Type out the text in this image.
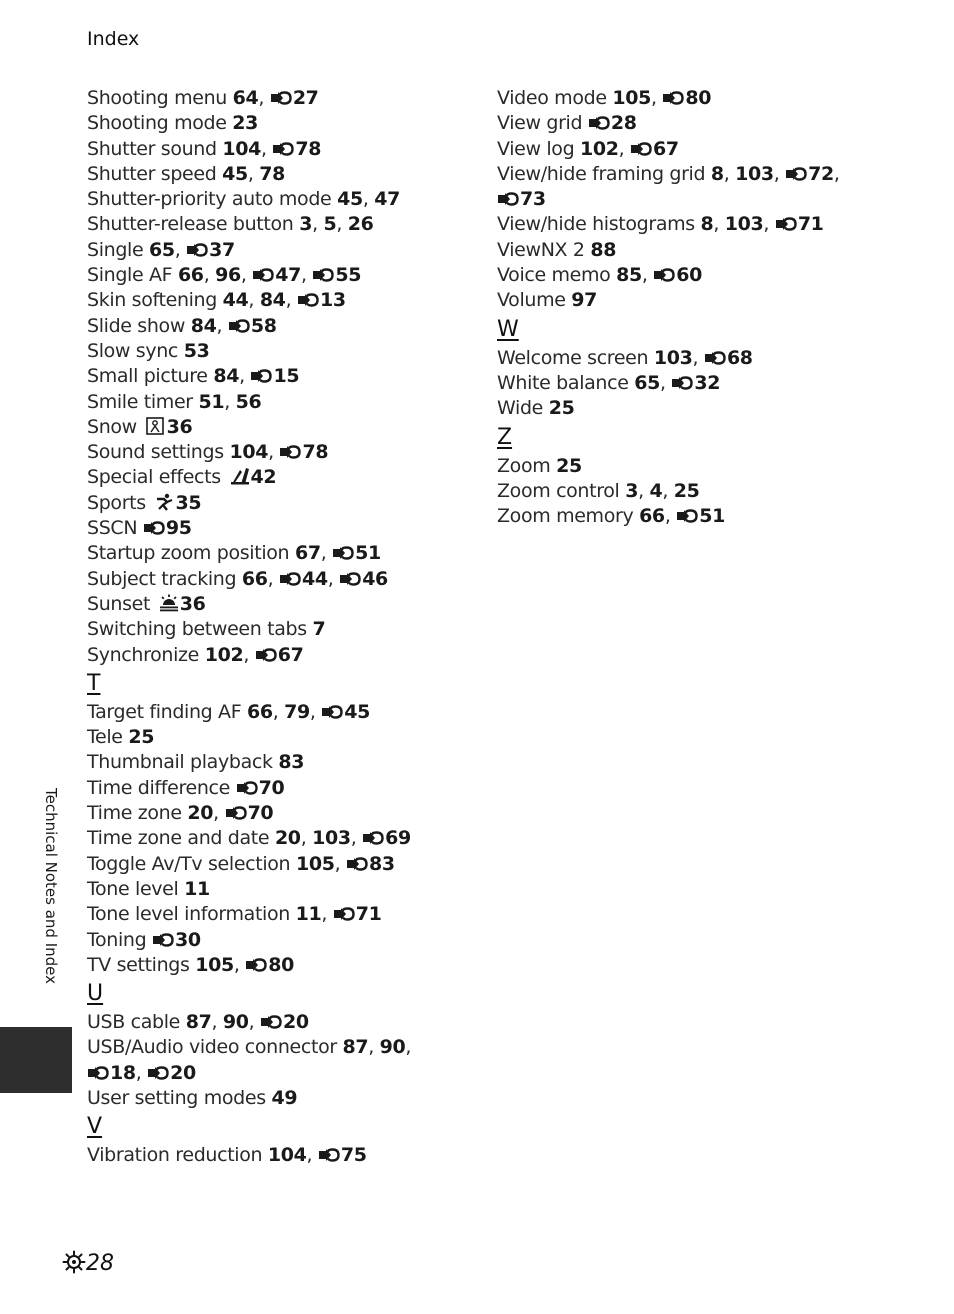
Index
Shooting menu 64,
27
Shooting mode 23
Shutter sound 104,
78
Shutter speed 45, 78
Shutter-priority auto mode 45, 47
Shutter-release button 3, 5, 26
Single 65,
37
Single AF 66, 96,
47,
55
Skin softening 44, 84,
13
Slide show 84,
58
Slow sync 53
Small picture 84,
15
Smile timer 51, 56
Snow 36
Sound settings 104,
78
Special effects 42
Sports 35
SSCN 95
Startup zoom position 67,
51
Subject tracking 66,
44,
46
Sunset 36
Switching between tabs 7
Synchronize 102,
67
T
Target finding AF 66, 79,
45
Tele 25
Thumbnail playback 83
Time difference 70
Time zone 20,
70
Time zone and date 20, 103,
69
Toggle Av/Tv selection 105,
83
Tone level 11
Tone level information 11,
71
Toning 30
TV settings 105,
80
U
USB cable 87, 90,
20
USB/Audio video connector 87, 90,

18,
20
User setting modes 49
V
Vibration reduction 104,
75
Video mode 105,
80
View grid 28
View log 102,
67
View/hide framing grid 8, 103,
72,

73
View/hide histograms 8, 103,
71
ViewNX 2 88
Voice memo 85,
60
Volume 97
W
Welcome screen 103,
68
White balance 65,
32
Wide 25
Z
Zoom 25
Zoom control 3, 4, 25
Zoom memory 66,
51
Technical Notes and Index
28
